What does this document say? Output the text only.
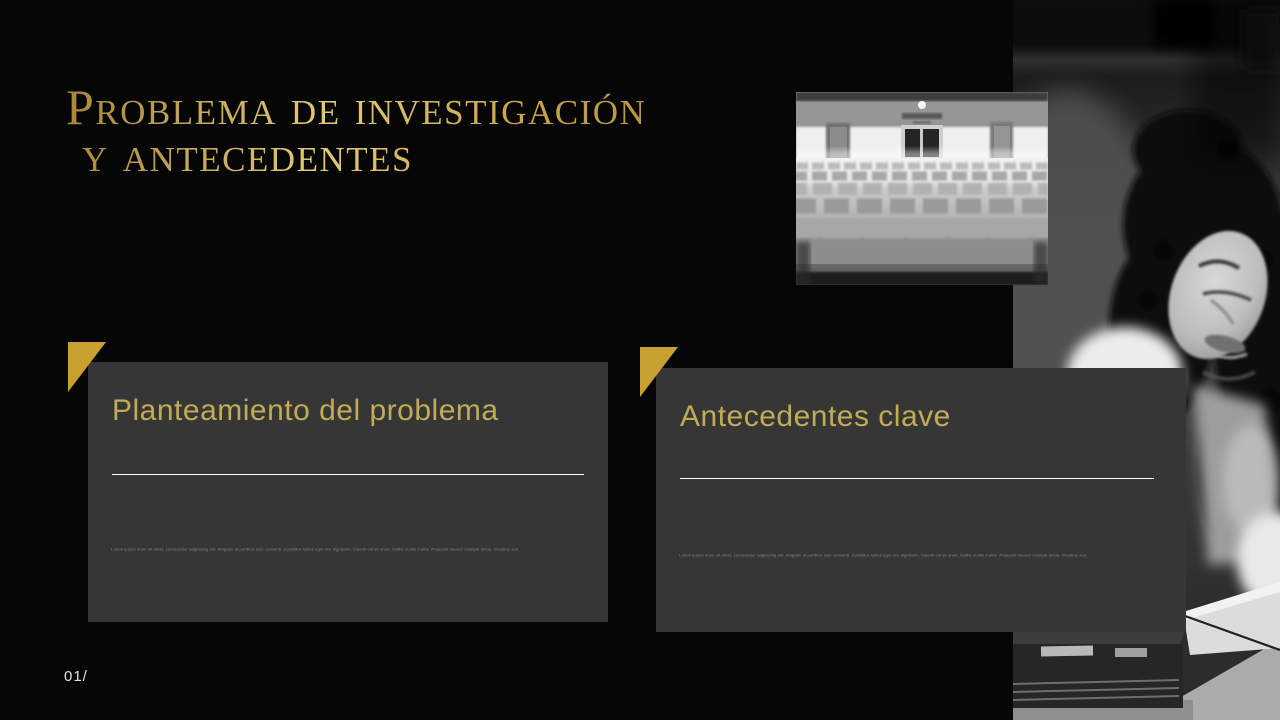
Problema de investigación
y antecedentes
Planteamiento del problema

Lorem ipsum dolor sit amet, consectetur adipiscing elit. Aliquam at porttitor sem conventi. Curabitur luctus eget nisl dignissim, blandit elit sit amet, mattis mollis mattis. Praesent laoreet volutpat tellus. Vivamus sed.

Antecedentes clave

Lorem ipsum dolor sit amet, consectetur adipiscing elit. Aliquam at porttitor sem conventi. Curabitur luctus eget nisl dignissim, blandit elit sit amet, mattis mollis mattis. Praesent laoreet volutpat tellus. Vivamus sed.

01/
